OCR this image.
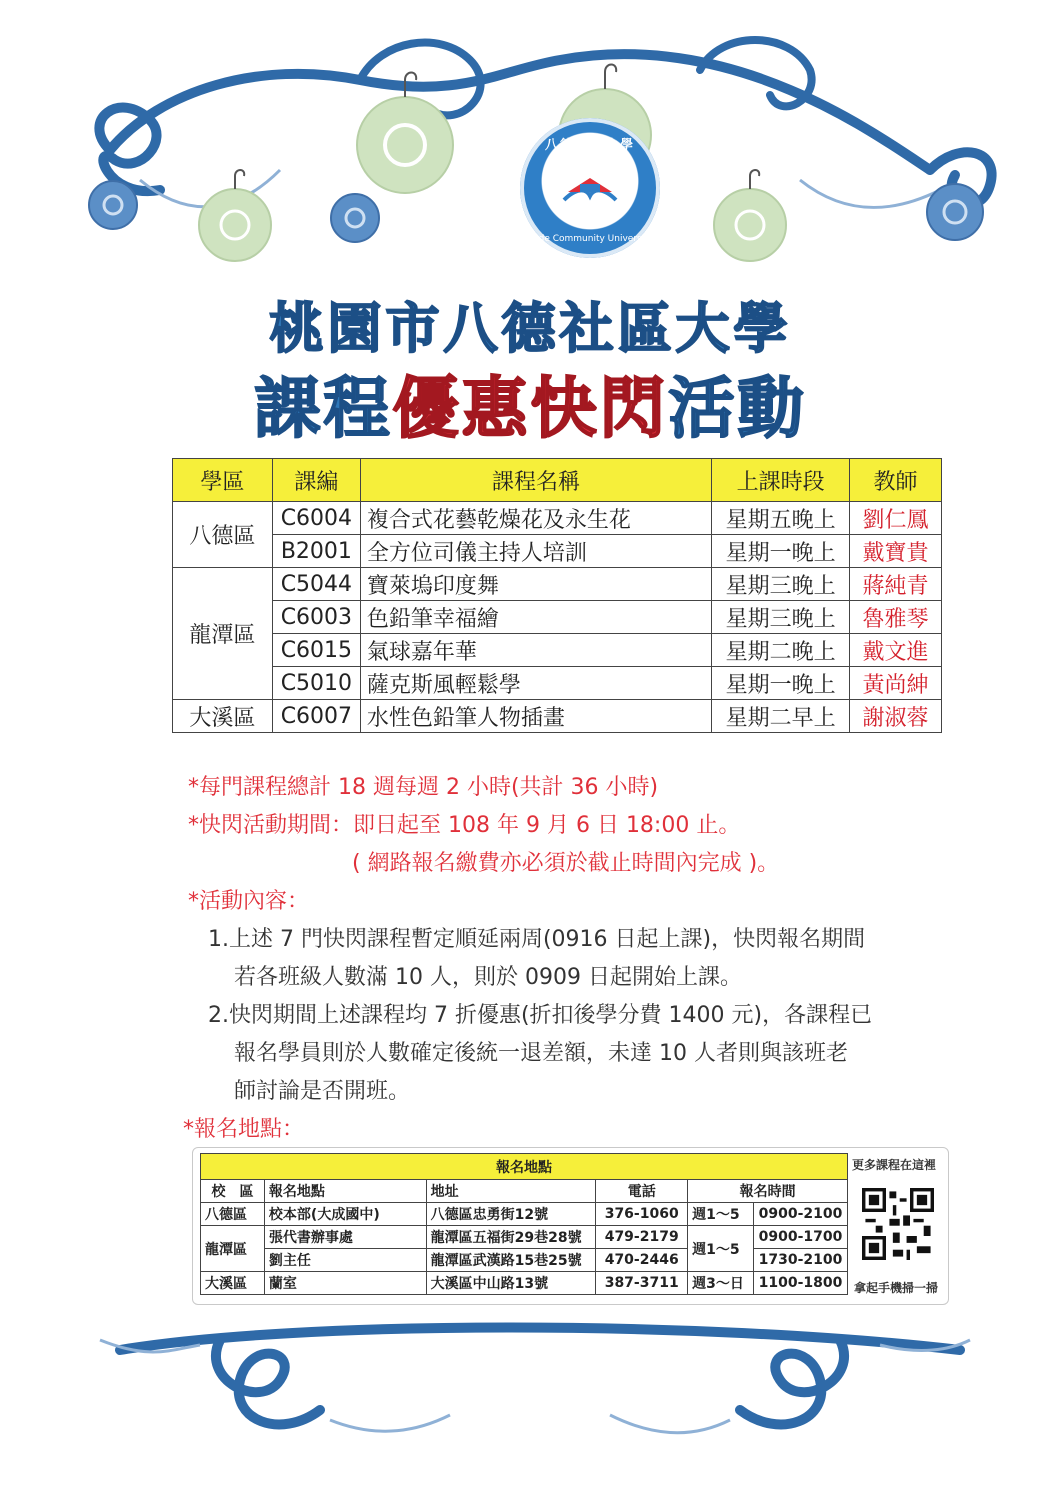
八德社區大學
Bade Community University
桃園市八德社區大學
課程優惠快閃活動
學區	課編	課程名稱	上課時段	教師
八德區	C6004	複合式花藝乾燥花及永生花	星期五晚上	劉仁鳳
	B2001	全方位司儀主持人培訓	星期一晚上	戴寶貴
龍潭區	C5044	寶萊塢印度舞	星期三晚上	蔣純青
	C6003	色鉛筆幸福繪	星期三晚上	魯雅琴
	C6015	氣球嘉年華	星期二晚上	戴文進
	C5010	薩克斯風輕鬆學	星期一晚上	黃尚紳
大溪區	C6007	水性色鉛筆人物插畫	星期二早上	謝淑蓉
*每門課程總計 18 週每週 2 小時(共計 36 小時)
*快閃活動期間：即日起至 108 年 9 月 6 日 18:00 止。
( 網路報名繳費亦必須於截止時間內完成 )。
*活動內容：
1.上述 7 門快閃課程暫定順延兩周(0916 日起上課)，快閃報名期間
若各班級人數滿 10 人，則於 0909 日起開始上課。
2.快閃期間上述課程均 7 折優惠(折扣後學分費 1400 元)，各課程已
報名學員則於人數確定後統一退差額，未達 10 人者則與該班老
師討論是否開班。
*報名地點：
報名地點					
校　區	報名地點	地址	電話	報名時間	
八德區	校本部(大成國中)	八德區忠勇街12號	376-1060	週1～5	0900-2100
龍潭區	張代書辦事處	龍潭區五福街29巷28號	479-2179	週1～5	0900-1700
	劉主任	龍潭區武漢路15巷25號	470-2446		1730-2100
大溪區	蘭室	大溪區中山路13號	387-3711	週3～日	1100-1800
更多課程在這裡
拿起手機掃一掃
